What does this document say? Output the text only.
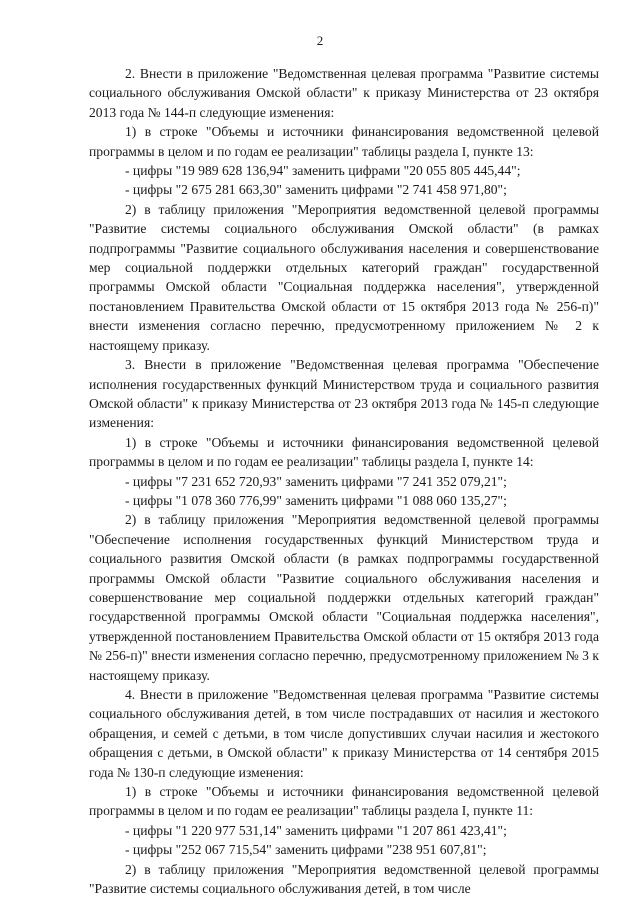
2

2. Внести в приложение "Ведомственная целевая программа "Развитие системы социального обслуживания Омской области" к приказу Министерства от 23 октября 2013 года № 144-п следующие изменения:

1) в строке "Объемы и источники финансирования ведомственной целевой программы в целом и по годам ее реализации" таблицы раздела I, пункте 13:

- цифры "19 989 628 136,94" заменить цифрами "20 055 805 445,44";

- цифры "2 675 281 663,30" заменить цифрами "2 741 458 971,80";

2) в таблицу приложения "Мероприятия ведомственной целевой программы "Развитие системы социального обслуживания Омской области" (в рамках подпрограммы "Развитие социального обслуживания населения и совершенствование мер социальной поддержки отдельных категорий граждан" государственной программы Омской области "Социальная поддержка населения", утвержденной постановлением Правительства Омской области от 15 октября 2013 года № 256-п)" внести изменения согласно перечню, предусмотренному приложением № 2 к настоящему приказу.

3. Внести в приложение "Ведомственная целевая программа "Обеспечение исполнения государственных функций Министерством труда и социального развития Омской области" к приказу Министерства от 23 октября 2013 года № 145-п следующие изменения:

1) в строке "Объемы и источники финансирования ведомственной целевой программы в целом и по годам ее реализации" таблицы раздела I, пункте 14:

- цифры "7 231 652 720,93" заменить цифрами "7 241 352 079,21";

- цифры "1 078 360 776,99" заменить цифрами "1 088 060 135,27";

2) в таблицу приложения "Мероприятия ведомственной целевой программы "Обеспечение исполнения государственных функций Министерством труда и социального развития Омской области (в рамках подпрограммы государственной программы Омской области "Развитие социального обслуживания населения и совершенствование мер социальной поддержки отдельных категорий граждан" государственной программы Омской области "Социальная поддержка населения", утвержденной постановлением Правительства Омской области от 15 октября 2013 года № 256-п)" внести изменения согласно перечню, предусмотренному приложением № 3 к настоящему приказу.

4. Внести в приложение "Ведомственная целевая программа "Развитие системы социального обслуживания детей, в том числе пострадавших от насилия и жестокого обращения, и семей с детьми, в том числе допустивших случаи насилия и жестокого обращения с детьми, в Омской области" к приказу Министерства от 14 сентября 2015 года № 130-п следующие изменения:

1) в строке "Объемы и источники финансирования ведомственной целевой программы в целом и по годам ее реализации" таблицы раздела I, пункте 11:

- цифры "1 220 977 531,14" заменить цифрами "1 207 861 423,41";

- цифры "252 067 715,54" заменить цифрами "238 951 607,81";

2) в таблицу приложения "Мероприятия ведомственной целевой программы "Развитие системы социального обслуживания детей, в том числе
